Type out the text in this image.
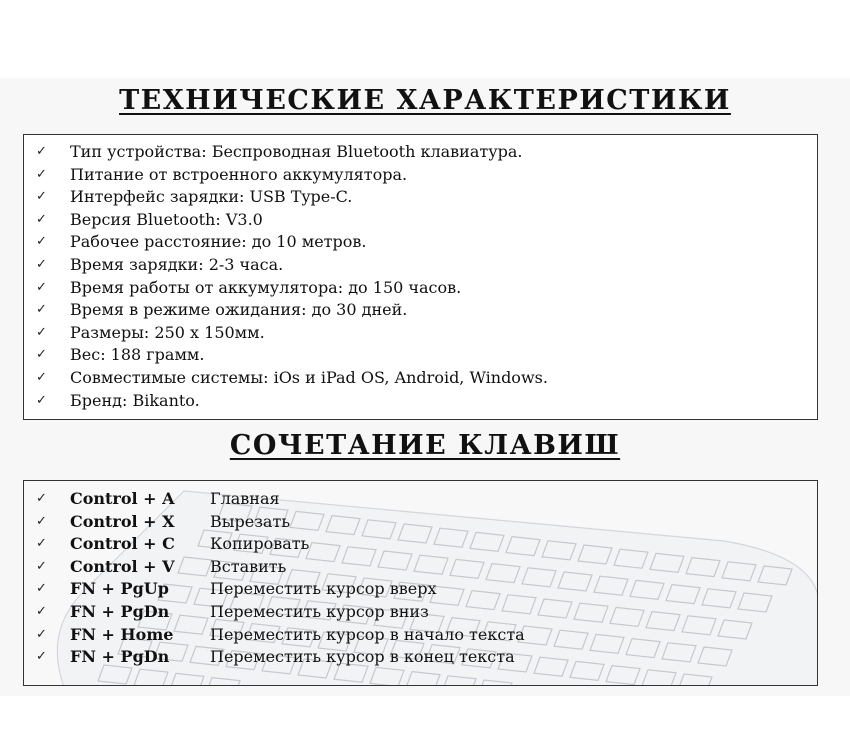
ТЕХНИЧЕСКИЕ ХАРАКТЕРИСТИКИ
✓ Тип устройства: Беспроводная Bluetooth клавиатура.
✓ Питание от встроенного аккумулятора.
✓ Интерфейс зарядки: USB Type-C.
✓ Версия Bluetooth: V3.0
✓ Рабочее расстояние: до 10 метров.
✓ Время зарядки: 2-3 часа.
✓ Время работы от аккумулятора: до 150 часов.
✓ Время в режиме ожидания: до 30 дней.
✓ Размеры: 250 х 150мм.
✓ Вес: 188 грамм.
✓ Совместимые системы: iOs и iPad OS, Android, Windows.
✓ Бренд: Bikanto.
СОЧЕТАНИЕ КЛАВИШ
✓ Control + A Главная
✓ Control + X Вырезать
✓ Control + C Копировать
✓ Control + V Вставить
✓ FN + PgUp	Переместить курсор вверх
✓ FN + PgDn	Переместить курсор вниз
✓ FN + Home Переместить курсор в начало текста
✓ FN + PgDn	Переместить курсор в конец текста
